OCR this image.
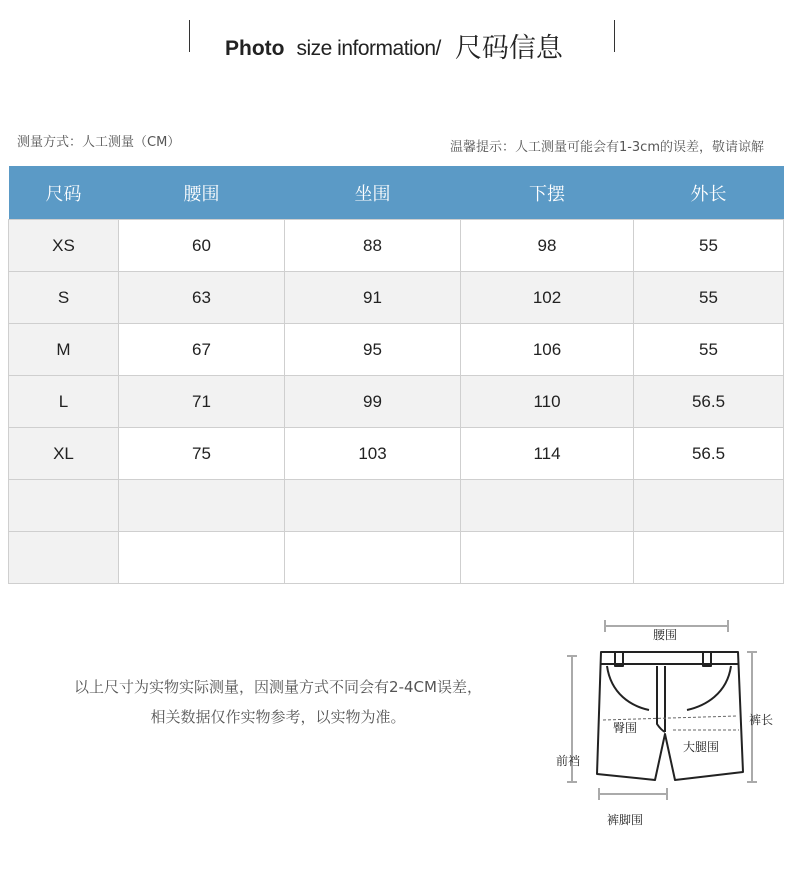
Photo size information/ 尺码信息
测量方式：人工测量（CM）	温馨提示：人工测量可能会有1-3cm的误差，敬请谅解
尺码	腰围	坐围	下摆	外长
XS	60	88	98	55
S	63	91	102	55
M	67	95	106	55
L	71	99	110	56.5
XL	75	103	114	56.5

以上尺寸为实物实际测量，因测量方式不同会有2-4CM误差，
相关数据仅作实物参考，以实物为准。
腰围
臀围
大腿围
前裆
裤长
裤脚围
